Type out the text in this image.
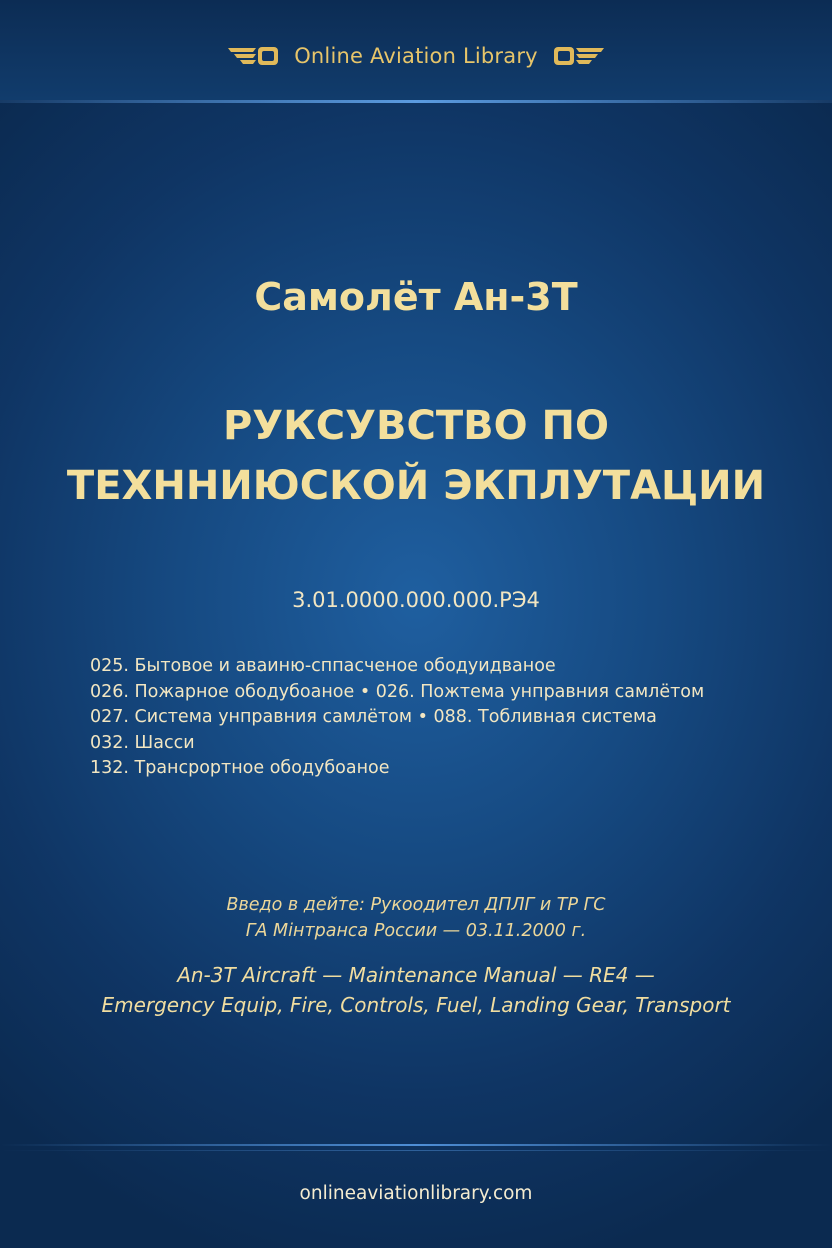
Online Aviation Library
Самолёт Ан-3Т
РУКСУВСТВО ПО
ТЕХННИЮСКОЙ ЭКПЛУТАЦИИ
3.01.0000.000.000.РЭ4
025. Бытовое и аваиню-сппасченое ободуидваное
026. Пожарное ободубоаное • 026. Пожтема унправния самлётом
027. Система унправния самлётом • 088. Тобливная система
032. Шасси
132. Трансрортное ободубоаное
Введо в дейте: Рукоодител ДПЛГ и ТР ГС
ГА Мінтранса России — 03.11.2000 г.
An-3T Aircraft — Maintenance Manual — RE4 —
Emergency Equip, Fire, Controls, Fuel, Landing Gear, Transport
onlineaviationlibrary.com
